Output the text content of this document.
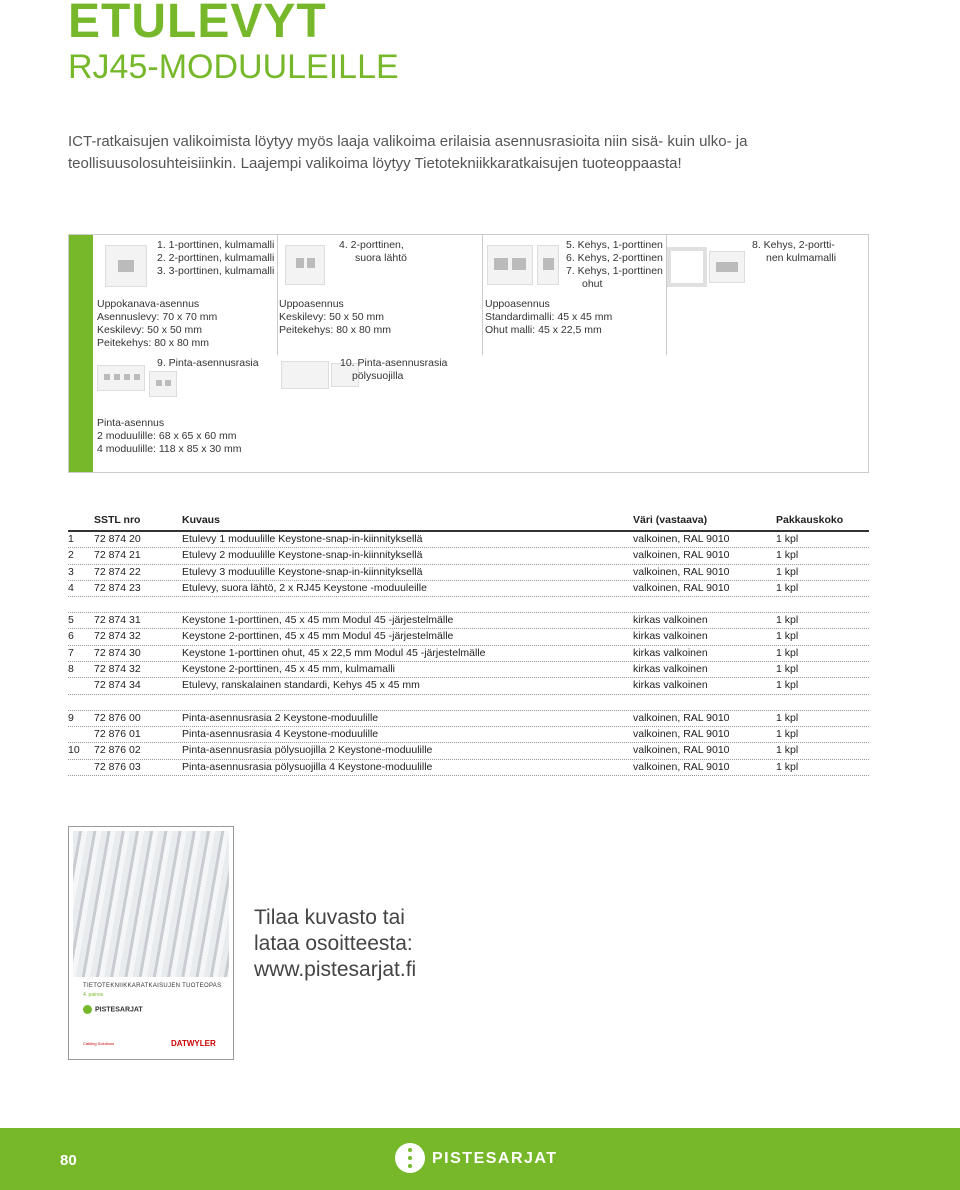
ETULEVYT
RJ45-MODUULEILLE
ICT-ratkaisujen valikoimista löytyy myös laaja valikoima erilaisia asennusrasioita niin sisä- kuin ulko- ja teollisuusolosuhteisiinkin. Laajempi valikoima löytyy Tietotekniikkaratkaisujen tuoteoppaasta!
1. 1-porttinen, kulmamalli
2. 2-porttinen, kulmamalli
3. 3-porttinen, kulmamalli
Uppokanava-asennus
Asennuslevy: 70 x 70 mm
Keskilevy: 50 x 50 mm
Peitekehys: 80 x 80 mm
4. 2-porttinen,
suora lähtö
Uppoasennus
Keskilevy: 50 x 50 mm
Peitekehys: 80 x 80 mm
5. Kehys, 1-porttinen
6. Kehys, 2-porttinen
7. Kehys, 1-porttinen
ohut
Uppoasennus
Standardimalli: 45 x 45 mm
Ohut malli: 45 x 22,5 mm
8. Kehys, 2-portti-
nen kulmamalli
9. Pinta-asennusrasia	10. Pinta-asennusrasia
pölysuojilla
Pinta-asennus
2 moduulille: 68 x 65 x 60 mm
4 moduulille: 118 x 85 x 30 mm
SSTL nro	Kuvaus	Väri (vastaava)	Pakkauskoko
1 72 874 20	Etulevy 1 moduulille Keystone-snap-in-kiinnityksellä	valkoinen, RAL 9010	1 kpl
2 72 874 21	Etulevy 2 moduulille Keystone-snap-in-kiinnityksellä	valkoinen, RAL 9010	1 kpl
3 72 874 22	Etulevy 3 moduulille Keystone-snap-in-kiinnityksellä	valkoinen, RAL 9010	1 kpl
4 72 874 23	Etulevy, suora lähtö, 2 x RJ45 Keystone -moduuleille	valkoinen, RAL 9010	1 kpl
5 72 874 31	Keystone 1-porttinen, 45 x 45 mm Modul 45 -järjestelmälle	kirkas valkoinen	1 kpl
6 72 874 32	Keystone 2-porttinen, 45 x 45 mm Modul 45 -järjestelmälle	kirkas valkoinen	1 kpl
7 72 874 30	Keystone 1-porttinen ohut, 45 x 22,5 mm Modul 45 -järjestelmälle	kirkas valkoinen	1 kpl
8 72 874 32	Keystone 2-porttinen, 45 x 45 mm, kulmamalli	kirkas valkoinen	1 kpl
72 874 34	Etulevy, ranskalainen standardi, Kehys 45 x 45 mm	kirkas valkoinen	1 kpl
9 72 876 00	Pinta-asennusrasia 2 Keystone-moduulille	valkoinen, RAL 9010	1 kpl
72 876 01	Pinta-asennusrasia 4 Keystone-moduulille	valkoinen, RAL 9010	1 kpl
10 72 876 02	Pinta-asennusrasia pölysuojilla 2 Keystone-moduulille	valkoinen, RAL 9010	1 kpl
72 876 03	Pinta-asennusrasia pölysuojilla 4 Keystone-moduulille	valkoinen, RAL 9010	1 kpl
TIETOTEKNIIKKARATKAISUJEN TUOTEOPAS
4. painos
PISTESARJAT
Cabling Solutions	DATWYLER
Tilaa kuvasto tai
lataa osoitteesta:
www.pistesarjat.fi
80	PISTESARJAT
